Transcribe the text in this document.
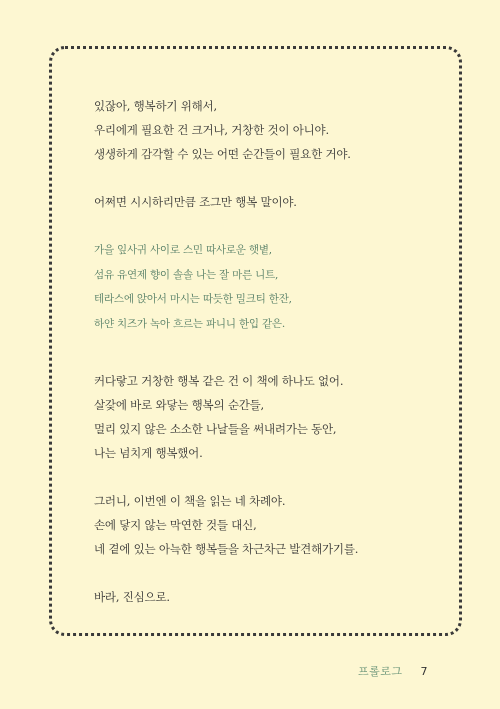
있잖아, 행복하기 위해서,
우리에게 필요한 건 크거나, 거창한 것이 아니야.
생생하게 감각할 수 있는 어떤 순간들이 필요한 거야.
어쩌면 시시하리만큼 조그만 행복 말이야.
가을 잎사귀 사이로 스민 따사로운 햇볕,
섬유 유연제 향이 솔솔 나는 잘 마른 니트,
테라스에 앉아서 마시는 따듯한 밀크티 한잔,
하얀 치즈가 녹아 흐르는 파니니 한입 같은.
커다랗고 거창한 행복 같은 건 이 책에 하나도 없어.
살갗에 바로 와닿는 행복의 순간들,
멀리 있지 않은 소소한 나날들을 써내려가는 동안,
나는 넘치게 행복했어.
그러니, 이번엔 이 책을 읽는 네 차례야.
손에 닿지 않는 막연한 것들 대신,
네 곁에 있는 아늑한 행복들을 차근차근 발견해가기를.
바라, 진심으로.
프롤로그 7
